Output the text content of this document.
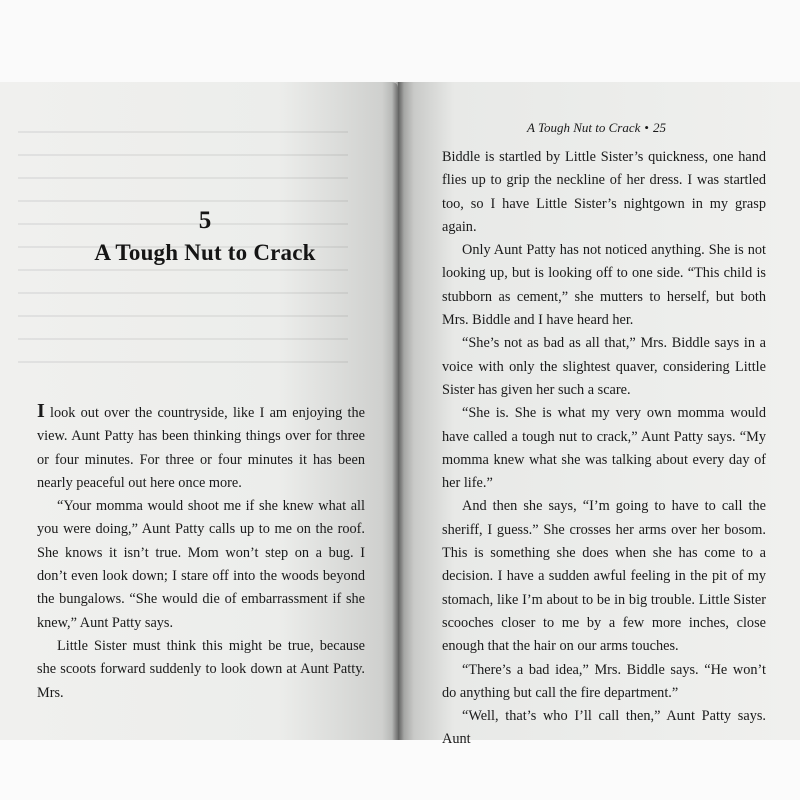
5
A Tough Nut to Crack

I look out over the countryside, like I am enjoying the view. Aunt Patty has been thinking things over for three or four minutes. For three or four minutes it has been nearly peaceful out here once more.

“Your momma would shoot me if she knew what all you were doing,” Aunt Patty calls up to me on the roof. She knows it isn’t true. Mom won’t step on a bug. I don’t even look down; I stare off into the woods beyond the bungalows. “She would die of embarrassment if she knew,” Aunt Patty says.

Little Sister must think this might be true, because she scoots forward suddenly to look down at Aunt Patty. Mrs.

A Tough Nut to Crack • 25

Biddle is startled by Little Sister’s quickness, one hand flies up to grip the neckline of her dress. I was startled too, so I have Little Sister’s nightgown in my grasp again.

Only Aunt Patty has not noticed anything. She is not looking up, but is looking off to one side. “This child is stubborn as cement,” she mutters to herself, but both Mrs. Biddle and I have heard her.

“She’s not as bad as all that,” Mrs. Biddle says in a voice with only the slightest quaver, considering Little Sister has given her such a scare.

“She is. She is what my very own momma would have called a tough nut to crack,” Aunt Patty says. “My momma knew what she was talking about every day of her life.”

And then she says, “I’m going to have to call the sheriff, I guess.” She crosses her arms over her bosom. This is something she does when she has come to a decision. I have a sudden awful feeling in the pit of my stomach, like I’m about to be in big trouble. Little Sister scooches closer to me by a few more inches, close enough that the hair on our arms touches.

“There’s a bad idea,” Mrs. Biddle says. “He won’t do anything but call the fire department.”

“Well, that’s who I’ll call then,” Aunt Patty says. Aunt
